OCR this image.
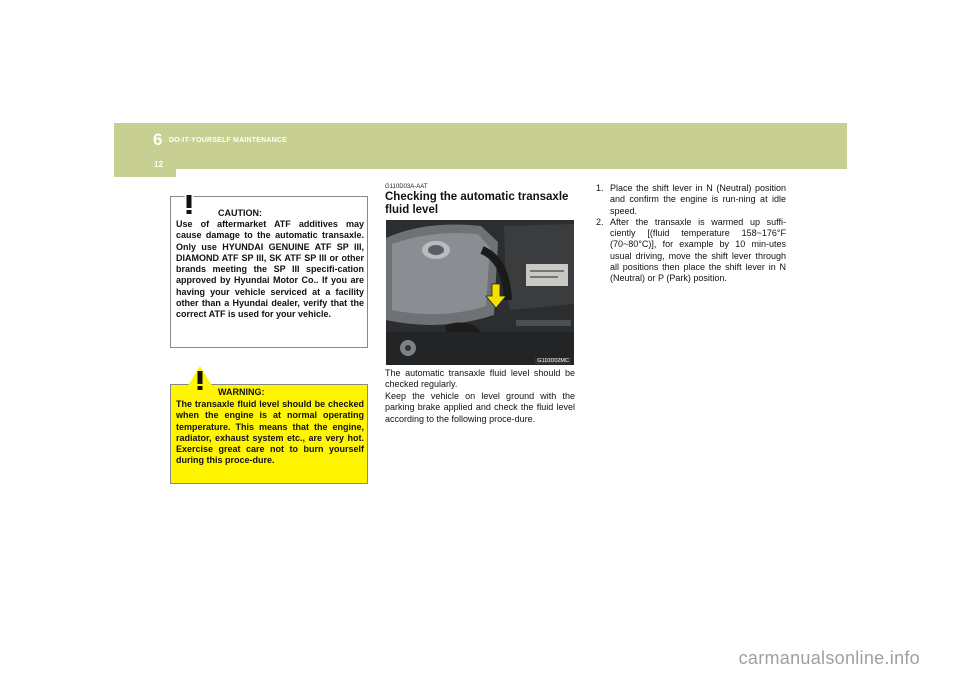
6 DO-IT-YOURSELF MAINTENANCE
12
CAUTION:
Use of aftermarket ATF additives may cause damage to the automatic transaxle. Only use HYUNDAI GENUINE ATF SP III, DIAMOND ATF SP III, SK ATF SP III or other brands meeting the SP III specifi-cation approved by Hyundai Motor Co.. If you are having your vehicle serviced at a facility other than a Hyundai dealer, verify that the correct ATF is used for your vehicle.
WARNING:
The transaxle fluid level should be checked when the engine is at normal operating temperature. This means that the engine, radiator, exhaust system etc., are very hot. Exercise great care not to burn yourself during this proce-dure.
G110D03A-AAT
Checking the automatic transaxle fluid level
G110D02MC
The automatic transaxle fluid level should be checked regularly.
Keep the vehicle on level ground with the parking brake applied and check the fluid level according to the following proce-dure.
1. Place the shift lever in N (Neutral) position and confirm the engine is run-ning at idle speed.
2. After the transaxle is warmed up suffi-ciently [(fluid temperature 158~176°F (70~80°C)], for example by 10 min-utes usual driving, move the shift lever through all positions then place the shift lever in N (Neutral) or P (Park) position.
carmanualsonline.info
